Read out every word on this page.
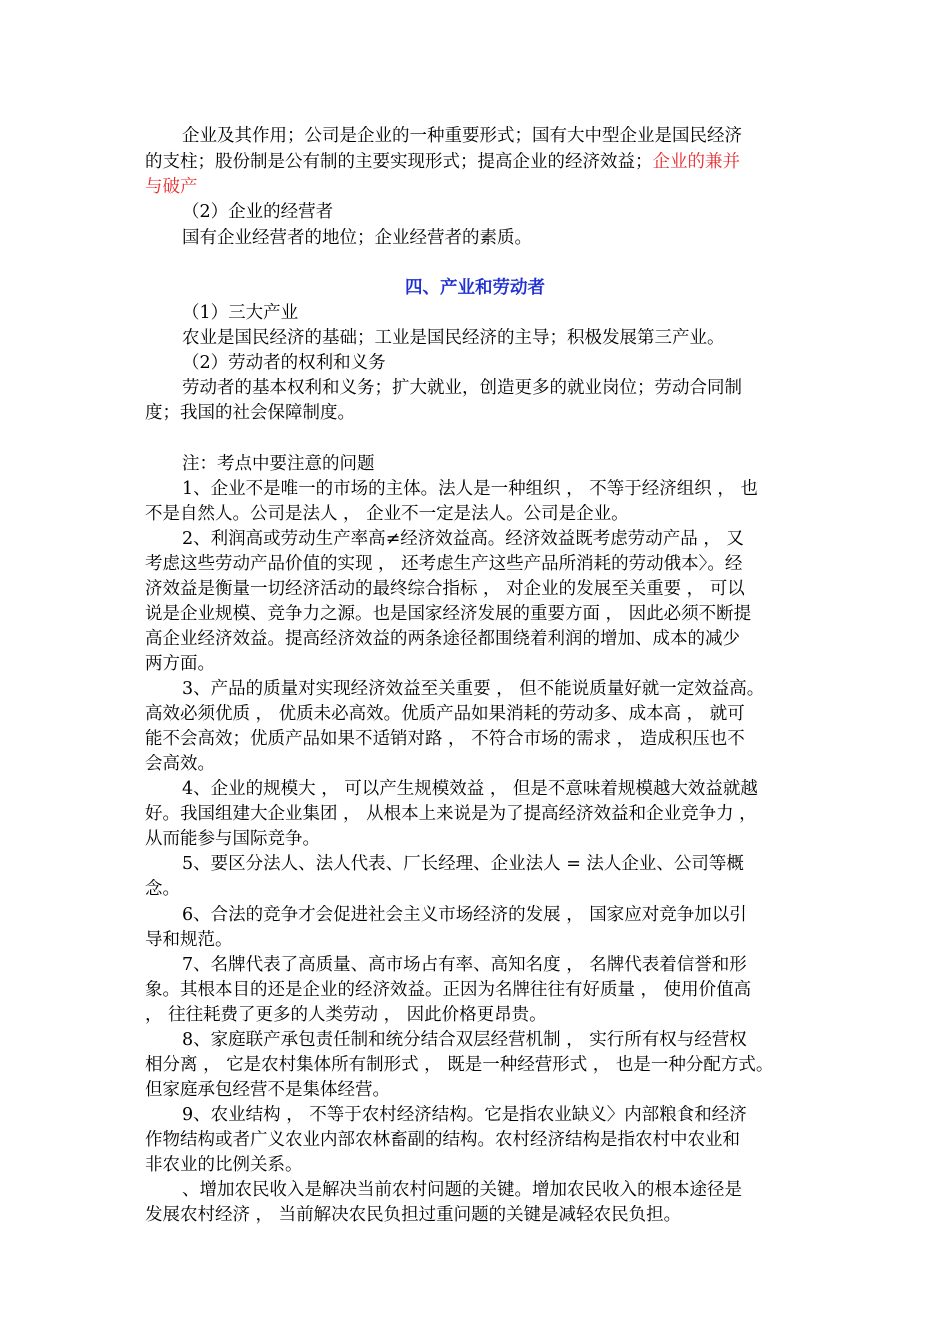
企业及其作用；公司是企业的一种重要形式；国有大中型企业是国民经济
的支柱；股份制是公有制的主要实现形式；提高企业的经济效益；企业的兼并
与破产
（2）企业的经营者
国有企业经营者的地位；企业经营者的素质。
四、产业和劳动者
（1）三大产业
农业是国民经济的基础；工业是国民经济的主导；积极发展第三产业。
（2）劳动者的权利和义务
劳动者的基本权利和义务；扩大就业，创造更多的就业岗位；劳动合同制
度；我国的社会保障制度。
注：考点中要注意的问题
1、企业不是唯一的市场的主体。法人是一种组织 ， 不等于经济组织 ， 也
不是自然人。公司是法人 ， 企业不一定是法人。公司是企业。
2、利润高或劳动生产率高≠经济效益高。经济效益既考虑劳动产品 ， 又
考虑这些劳动产品价值的实现 ， 还考虑生产这些产品所消耗的劳动俄本〉。经
济效益是衡量一切经济活动的最终综合指标 ， 对企业的发展至关重要 ， 可以
说是企业规模、竞争力之源。也是国家经济发展的重要方面 ， 因此必须不断提
高企业经济效益。提高经济效益的两条途径都围绕着利润的增加、成本的减少
两方面。
3、产品的质量对实现经济效益至关重要 ， 但不能说质量好就一定效益高。
高效必须优质 ， 优质未必高效。优质产品如果消耗的劳动多、成本高 ， 就可
能不会高效；优质产品如果不适销对路 ， 不符合市场的需求 ， 造成积压也不
会高效。
4、企业的规模大 ， 可以产生规模效益 ， 但是不意味着规模越大效益就越
好。我国组建大企业集团 ， 从根本上来说是为了提高经济效益和企业竞争力 ，
从而能参与国际竞争。
5、要区分法人、法人代表、厂长经理、企业法人 = 法人企业、公司等概
念。
6、合法的竞争才会促进社会主义市场经济的发展 ， 国家应对竞争加以引
导和规范。
7、名牌代表了高质量、高市场占有率、高知名度 ， 名牌代表着信誉和形
象。其根本目的还是企业的经济效益。正因为名牌往往有好质量 ， 使用价值高
， 往往耗费了更多的人类劳动 ， 因此价格更昂贵。
8、家庭联产承包责任制和统分结合双层经营机制 ， 实行所有权与经营权
相分离 ， 它是农村集体所有制形式 ， 既是一种经营形式 ， 也是一种分配方式。
但家庭承包经营不是集体经营。
9、农业结构 ， 不等于农村经济结构。它是指农业缺义〉内部粮食和经济
作物结构或者广义农业内部农林畜副的结构。农村经济结构是指农村中农业和
非农业的比例关系。
、增加农民收入是解决当前农村问题的关键。增加农民收入的根本途径是
发展农村经济 ， 当前解决农民负担过重问题的关键是减轻农民负担。
